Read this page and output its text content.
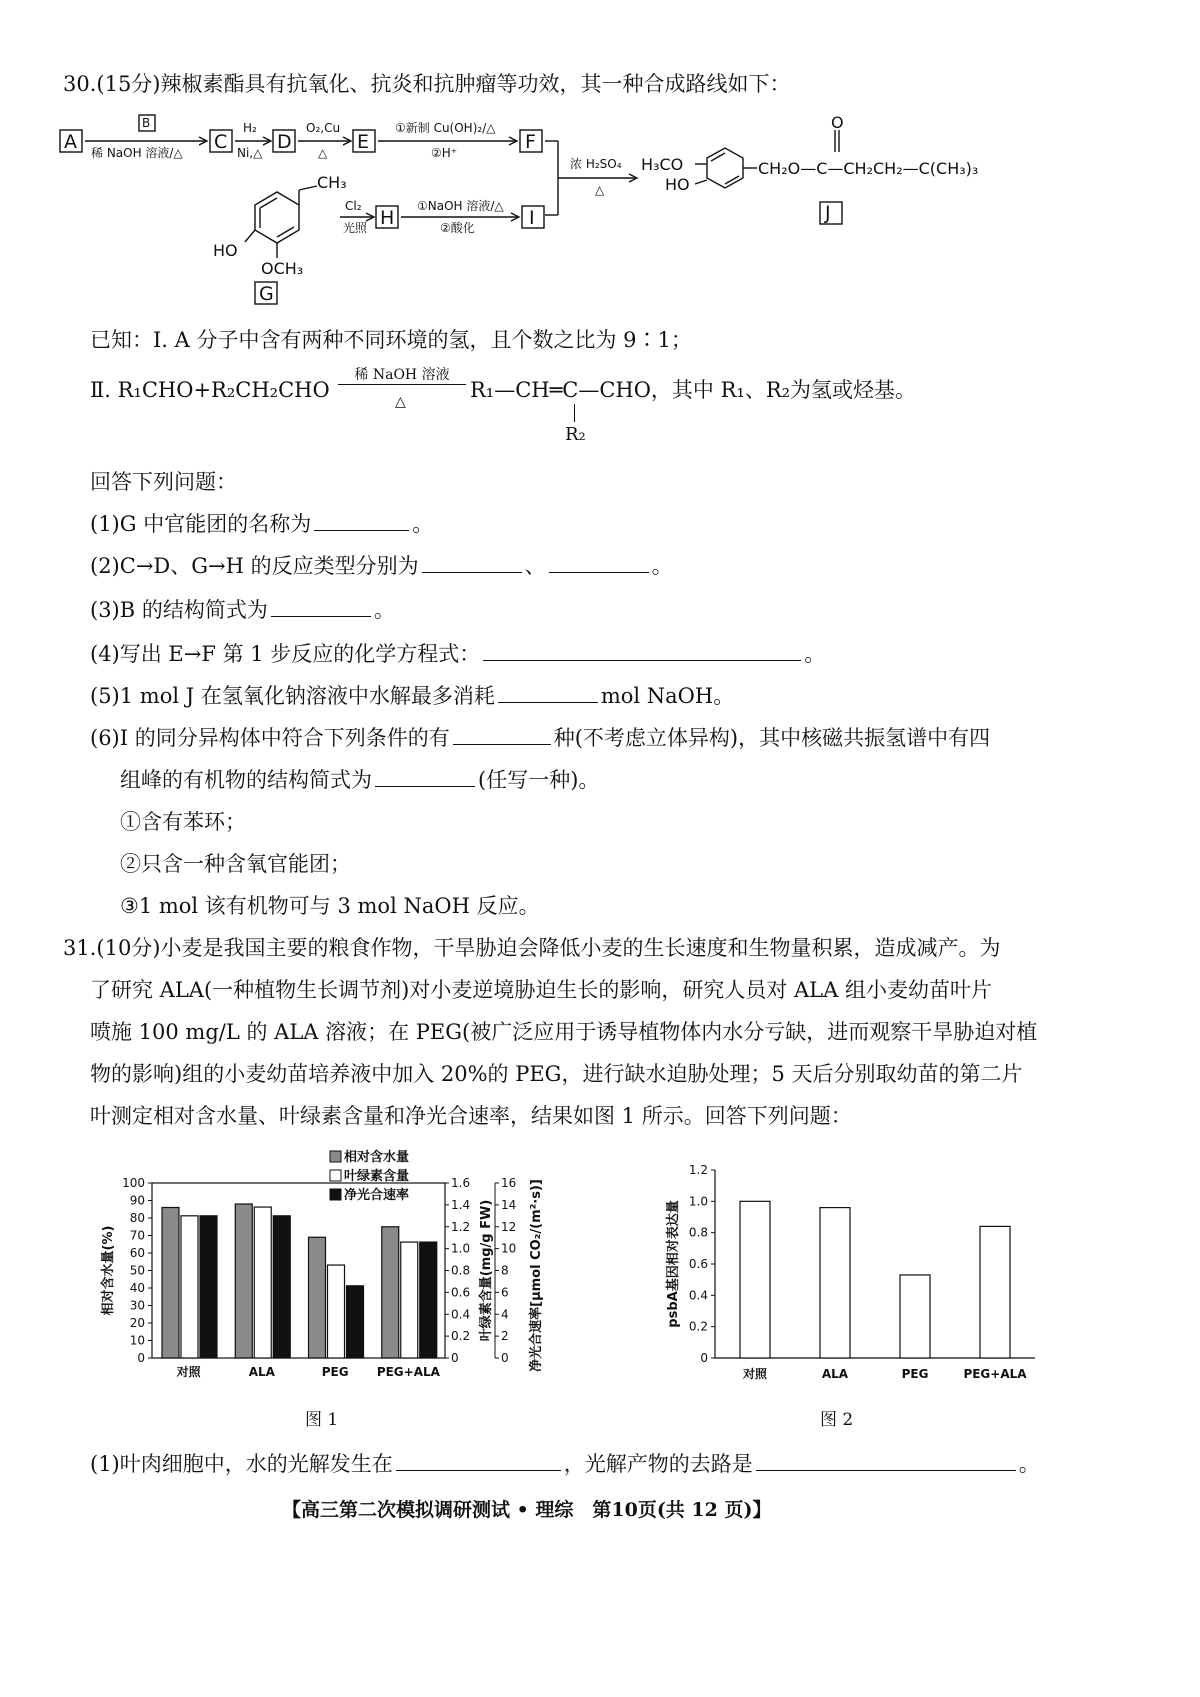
30.(15分)辣椒素酯具有抗氧化、抗炎和抗肿瘤等功效，其一种合成路线如下：
A	C	D	E	F
H	I
G
J
B
稀 NaOH 溶液/△
H₂
Ni,△
O₂,Cu
△
①新制 Cu(OH)₂/△
②H⁺
Cl₂
光照
①NaOH 溶液/△
②酸化
浓 H₂SO₄
△
CH₃
HO
OCH₃
H₃CO
HO
CH₂O—C—CH₂CH₂—C(CH₃)₃
O
已知：Ⅰ. A 分子中含有两种不同环境的氢，且个数之比为 9∶1；
Ⅱ. R₁CHO+R₂CH₂CHO
稀 NaOH 溶液
△	R₁—CH═C—CHO，其中 R₁、R₂为氢或烃基。
R₂
回答下列问题：
(1)G 中官能团的名称为	。
(2)C→D、G→H 的反应类型分别为	、	。
(3)B 的结构简式为	。
(4)写出 E→F 第 1 步反应的化学方程式：	。
(5)1 mol J 在氢氧化钠溶液中水解最多消耗	mol NaOH。
(6)I 的同分异构体中符合下列条件的有	种(不考虑立体异构)，其中核磁共振氢谱中有四
组峰的有机物的结构简式为	(任写一种)。
①含有苯环；
②只含一种含氧官能团；
③1 mol 该有机物可与 3 mol NaOH 反应。
31.(10分)小麦是我国主要的粮食作物，干旱胁迫会降低小麦的生长速度和生物量积累，造成减产。为
了研究 ALA(一种植物生长调节剂)对小麦逆境胁迫生长的影响，研究人员对 ALA 组小麦幼苗叶片
喷施 100 mg/L 的 ALA 溶液；在 PEG(被广泛应用于诱导植物体内水分亏缺，进而观察干旱胁迫对植
物的影响)组的小麦幼苗培养液中加入 20%的 PEG，进行缺水迫胁处理；5 天后分别取幼苗的第二片
叶测定相对含水量、叶绿素含量和净光合速率，结果如图 1 所示。回答下列问题：
0
10
20
30
40
50
60
70
80
90
100
0
0.2
0.4
0.6
0.8
1.0
1.2
1.4
1.6
0
2
4
6
8
10
12
14
16
对照	ALA	PEG PEG+ALA
相对含水量
叶绿素含量
净光合速率
相对含水量(%)	叶绿素含量(mg/g FW)	净光合速率[μmol CO₂/(m²·s)]
图 1
0
0.2
0.4
0.6
0.8
1.0
1.2
对照	ALA	PEG	PEG+ALA
psbA基因相对表达量
图 2
(1)叶肉细胞中，水的光解发生在	，光解产物的去路是	。
【高三第二次模拟调研测试 • 理综　第10页(共 12 页)】
